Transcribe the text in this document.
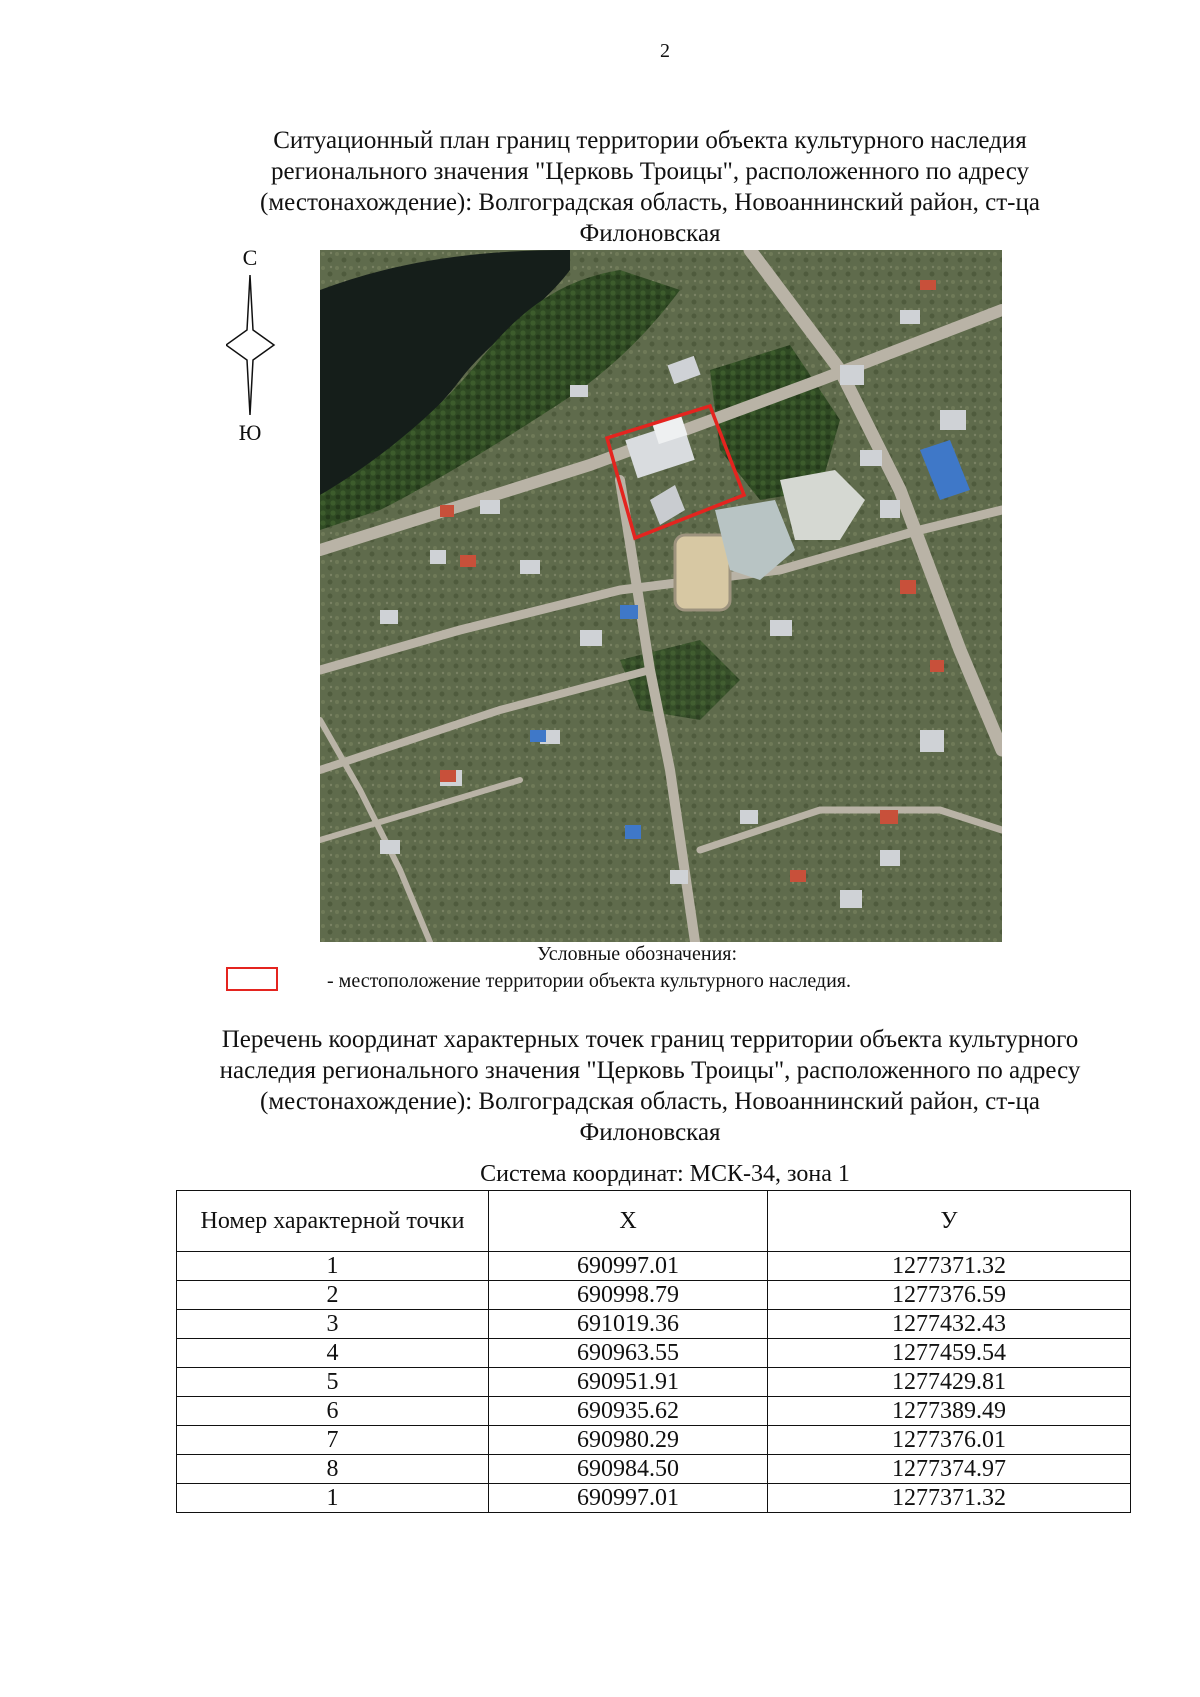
2
Ситуационный план границ территории объекта культурного наследия регионального значения "Церковь Троицы", расположенного по адресу (местонахождение): Волгоградская область, Новоаннинский район, ст-ца Филоновская
С
Ю
Условные обозначения:
- местоположение территории объекта культурного наследия.
Перечень координат характерных точек границ территории объекта культурного наследия регионального значения "Церковь Троицы", расположенного по адресу (местонахождение): Волгоградская область, Новоаннинский район, ст-ца Филоновская
Система координат: МСК-34, зона 1
Номер характерной точки	Х	У
1	690997.01	1277371.32
2	690998.79	1277376.59
3	691019.36	1277432.43
4	690963.55	1277459.54
5	690951.91	1277429.81
6	690935.62	1277389.49
7	690980.29	1277376.01
8	690984.50	1277374.97
1	690997.01	1277371.32
